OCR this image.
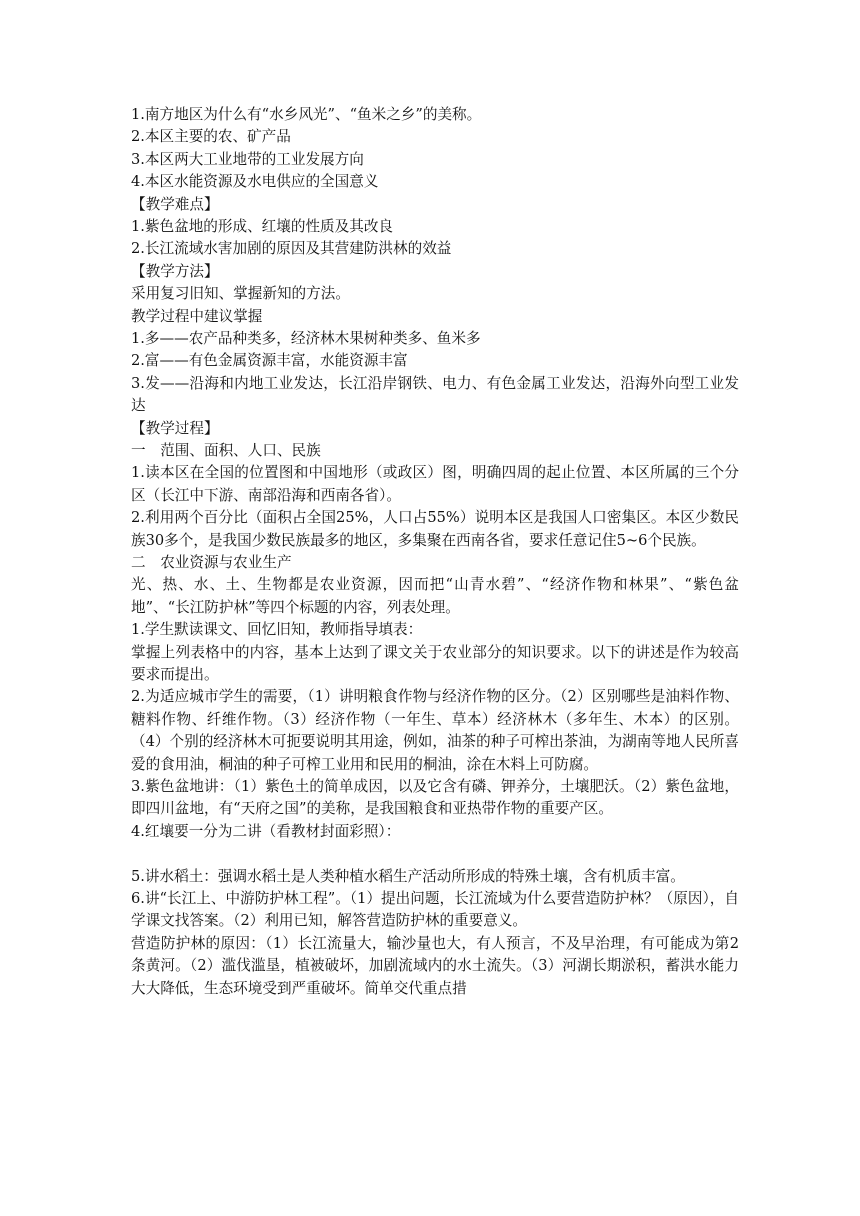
1.南方地区为什么有“水乡风光”、“鱼米之乡”的美称。
2.本区主要的农、矿产品
3.本区两大工业地带的工业发展方向
4.本区水能资源及水电供应的全国意义
【教学难点】
1.紫色盆地的形成、红壤的性质及其改良
2.长江流域水害加剧的原因及其营建防洪林的效益
【教学方法】
采用复习旧知、掌握新知的方法。
教学过程中建议掌握
1.多——农产品种类多，经济林木果树种类多、鱼米多
2.富——有色金属资源丰富，水能资源丰富
3.发——沿海和内地工业发达，长江沿岸钢铁、电力、有色金属工业发达，沿海外向型工业发达
【教学过程】
一　范围、面积、人口、民族
1.读本区在全国的位置图和中国地形（或政区）图，明确四周的起止位置、本区所属的三个分区（长江中下游、南部沿海和西南各省）。
2.利用两个百分比（面积占全国25%，人口占55%）说明本区是我国人口密集区。本区少数民族30多个，是我国少数民族最多的地区，多集聚在西南各省，要求任意记住5~6个民族。
二　农业资源与农业生产
光、热、水、土、生物都是农业资源，因而把“山青水碧”、“经济作物和林果”、“紫色盆地”、“长江防护林”等四个标题的内容，列表处理。
1.学生默读课文、回忆旧知，教师指导填表：
掌握上列表格中的内容，基本上达到了课文关于农业部分的知识要求。以下的讲述是作为较高要求而提出。
2.为适应城市学生的需要，（1）讲明粮食作物与经济作物的区分。（2）区别哪些是油料作物、糖料作物、纤维作物。（3）经济作物（一年生、草本）经济林木（多年生、木本）的区别。（4）个别的经济林木可扼要说明其用途，例如，油茶的种子可榨出茶油，为湖南等地人民所喜爱的食用油，桐油的种子可榨工业用和民用的桐油，涂在木料上可防腐。
3.紫色盆地讲：（1）紫色土的简单成因，以及它含有磷、钾养分，土壤肥沃。（2）紫色盆地，即四川盆地，有“天府之国”的美称，是我国粮食和亚热带作物的重要产区。
4.红壤要一分为二讲（看教材封面彩照）：
5.讲水稻土：强调水稻土是人类种植水稻生产活动所形成的特殊土壤，含有机质丰富。
6.讲“长江上、中游防护林工程”。（1）提出问题，长江流域为什么要营造防护林？（原因），自学课文找答案。（2）利用已知，解答营造防护林的重要意义。
营造防护林的原因：（1）长江流量大，输沙量也大，有人预言，不及早治理，有可能成为第2条黄河。（2）滥伐滥垦，植被破坏，加剧流域内的水土流失。（3）河湖长期淤积，蓄洪水能力大大降低，生态环境受到严重破坏。简单交代重点措
